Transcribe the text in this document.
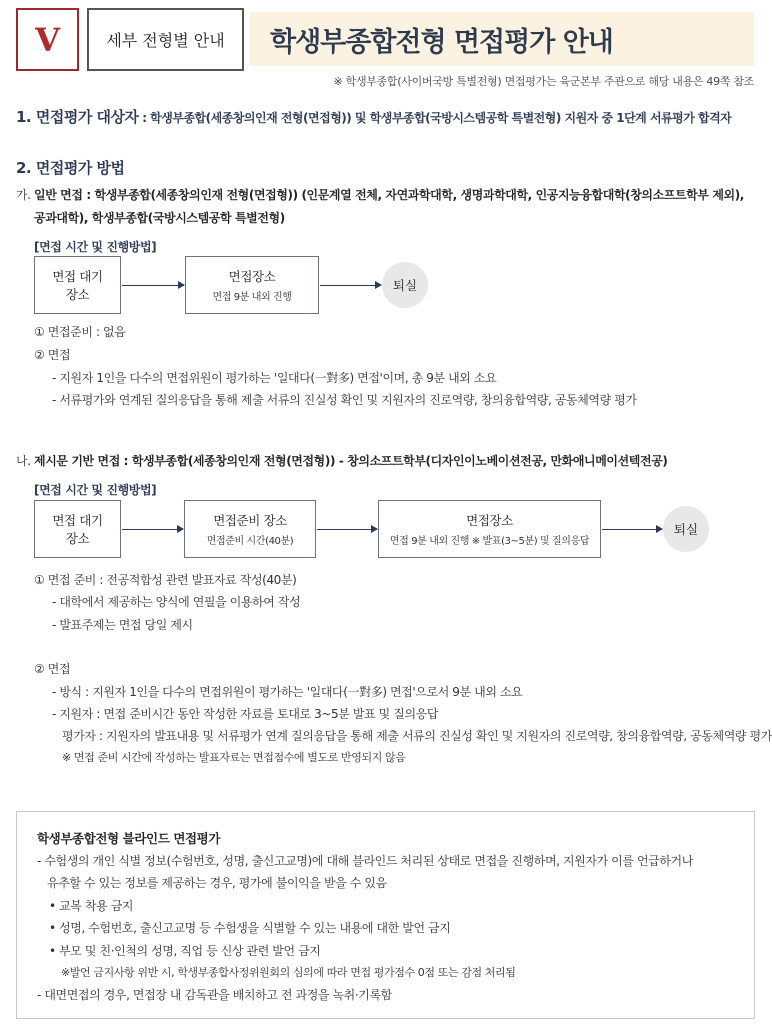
V	세부 전형별 안내	학생부종합전형 면접평가 안내
※ 학생부종합(사이버국방 특별전형) 면접평가는 육군본부 주관으로 해당 내용은 49쪽 참조
1. 면접평가 대상자 : 학생부종합(세종창의인재 전형(면접형)) 및 학생부종합(국방시스템공학 특별전형) 지원자 중 1단계 서류평가 합격자
2. 면접평가 방법
가. 일반 면접 : 학생부종합(세종창의인재 전형(면접형)) (인문계열 전체, 자연과학대학, 생명과학대학, 인공지능융합대학(창의소프트학부 제외),
공과대학), 학생부종합(국방시스템공학 특별전형)
[면접 시간 및 진행방법]
면접 대기
장소
면접장소
면접 9분 내외 진행
퇴실
① 면접준비 : 없음
② 면접
- 지원자 1인을 다수의 면접위원이 평가하는 '일대다(一對多) 면접'이며, 총 9분 내외 소요
- 서류평가와 연계된 질의응답을 통해 제출 서류의 진실성 확인 및 지원자의 진로역량, 창의융합역량, 공동체역량 평가
나. 제시문 기반 면접 : 학생부종합(세종창의인재 전형(면접형)) - 창의소프트학부(디자인이노베이션전공, 만화애니메이션텍전공)
[면접 시간 및 진행방법]
면접 대기
장소
면접준비 장소
면접준비 시간(40분)
면접장소
면접 9분 내외 진행 ※ 발표(3~5분) 및 질의응답
퇴실
① 면접 준비 : 전공적합성 관련 발표자료 작성(40분)
- 대학에서 제공하는 양식에 연필을 이용하여 작성
- 발표주제는 면접 당일 제시
② 면접
- 방식 : 지원자 1인을 다수의 면접위원이 평가하는 '일대다(一對多) 면접'으로서 9분 내외 소요
- 지원자 : 면접 준비시간 동안 작성한 자료를 토대로 3~5분 발표 및 질의응답
평가자 : 지원자의 발표내용 및 서류평가 연계 질의응답을 통해 제출 서류의 진실성 확인 및 지원자의 진로역량, 창의융합역량, 공동체역량 평가
※ 면접 준비 시간에 작성하는 발표자료는 면접점수에 별도로 반영되지 않음
학생부종합전형 블라인드 면접평가
- 수험생의 개인 식별 정보(수험번호, 성명, 출신고교명)에 대해 블라인드 처리된 상태로 면접을 진행하며, 지원자가 이를 언급하거나
유추할 수 있는 정보를 제공하는 경우, 평가에 불이익을 받을 수 있음
• 교복 착용 금지
• 성명, 수험번호, 출신고교명 등 수험생을 식별할 수 있는 내용에 대한 발언 금지
• 부모 및 친·인척의 성명, 직업 등 신상 관련 발언 금지
※발언 금지사항 위반 시, 학생부종합사정위원회의 심의에 따라 면접 평가점수 0점 또는 감점 처리됨
- 대면면접의 경우, 면접장 내 감독관을 배치하고 전 과정을 녹취·기록함
